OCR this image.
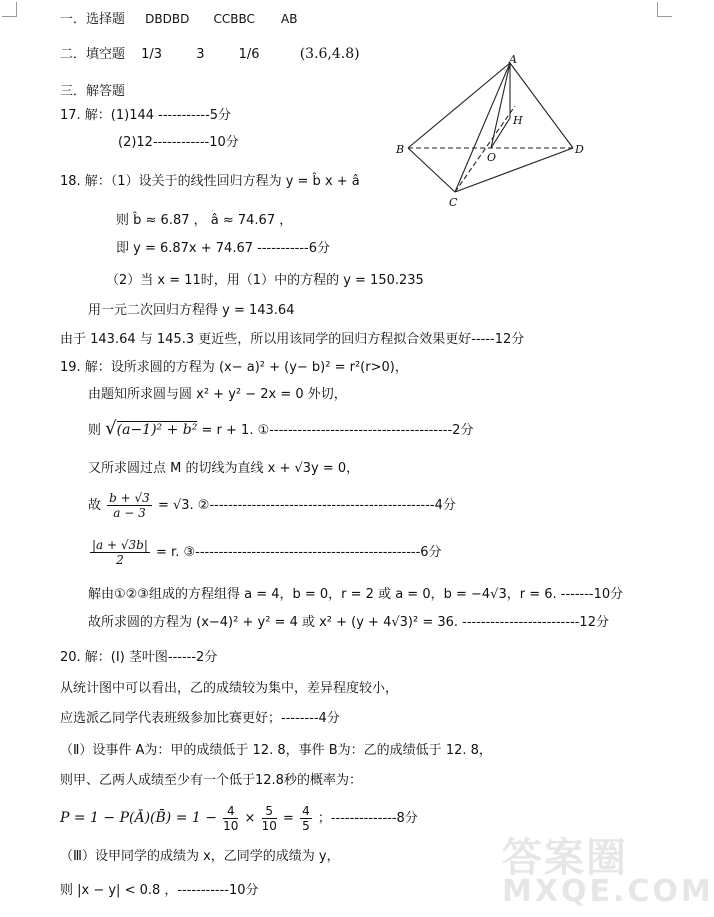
一．选择题 DBDBD CCBBC AB
二．填空题 1/3	3	1/6	(3.6,4.8)
三．解答题
17. 解：(1)144 -----------5分
(2)12------------10分
A
B
C
D
O
H
18. 解：（1）设关于的线性回归方程为 y = b̂ x + â
则 b̂ ≈ 6.87 ， â ≈ 74.67 ，
即 y = 6.87x + 74.67 -----------6分
（2）当 x = 11时，用（1）中的方程的 y = 150.235
用一元二次回归方程得 y = 143.64
由于 143.64 与 145.3 更近些，所以用该同学的回归方程拟合效果更好-----12分
19. 解：设所求圆的方程为 (x− a)² + (y− b)² = r²(r>0)，
由题知所求圆与圆 x² + y² − 2x = 0 外切，
则 √(a−1)² + b² = r + 1. ①---------------------------------------2分
又所求圆过点 M 的切线为直线 x + √3y = 0，
故 $\frac{b + √3}{a - 3} = √3$. ②------------------------------------------------4分
$\frac{|a + √3b|}{2} = r$. ③------------------------------------------------6分
解由①②③组成的方程组得 a = 4，b = 0，r = 2 或 a = 0，b = −4√3，r = 6. -------10分
故所求圆的方程为 (x−4)² + y² = 4 或 x² + (y + 4√3)² = 36. -------------------------12分
20. 解：(Ⅰ) 茎叶图------2分
从统计图中可以看出，乙的成绩较为集中，差异程度较小，
应选派乙同学代表班级参加比赛更好；--------4分
（Ⅱ）设事件 A为：甲的成绩低于 12. 8，事件 B为：乙的成绩低于 12. 8，
则甲、乙两人成绩至少有一个低于12.8秒的概率为：
P = 1 − P(Ā)(B̄) = $1 - \frac{4}{10} \times \frac{5}{10} = \frac{4}{5}$ ；--------------8分
（Ⅲ）设甲同学的成绩为 x，乙同学的成绩为 y，
则 |x − y| < 0.8 ，-----------10分
答案圈
MXQE.COM
